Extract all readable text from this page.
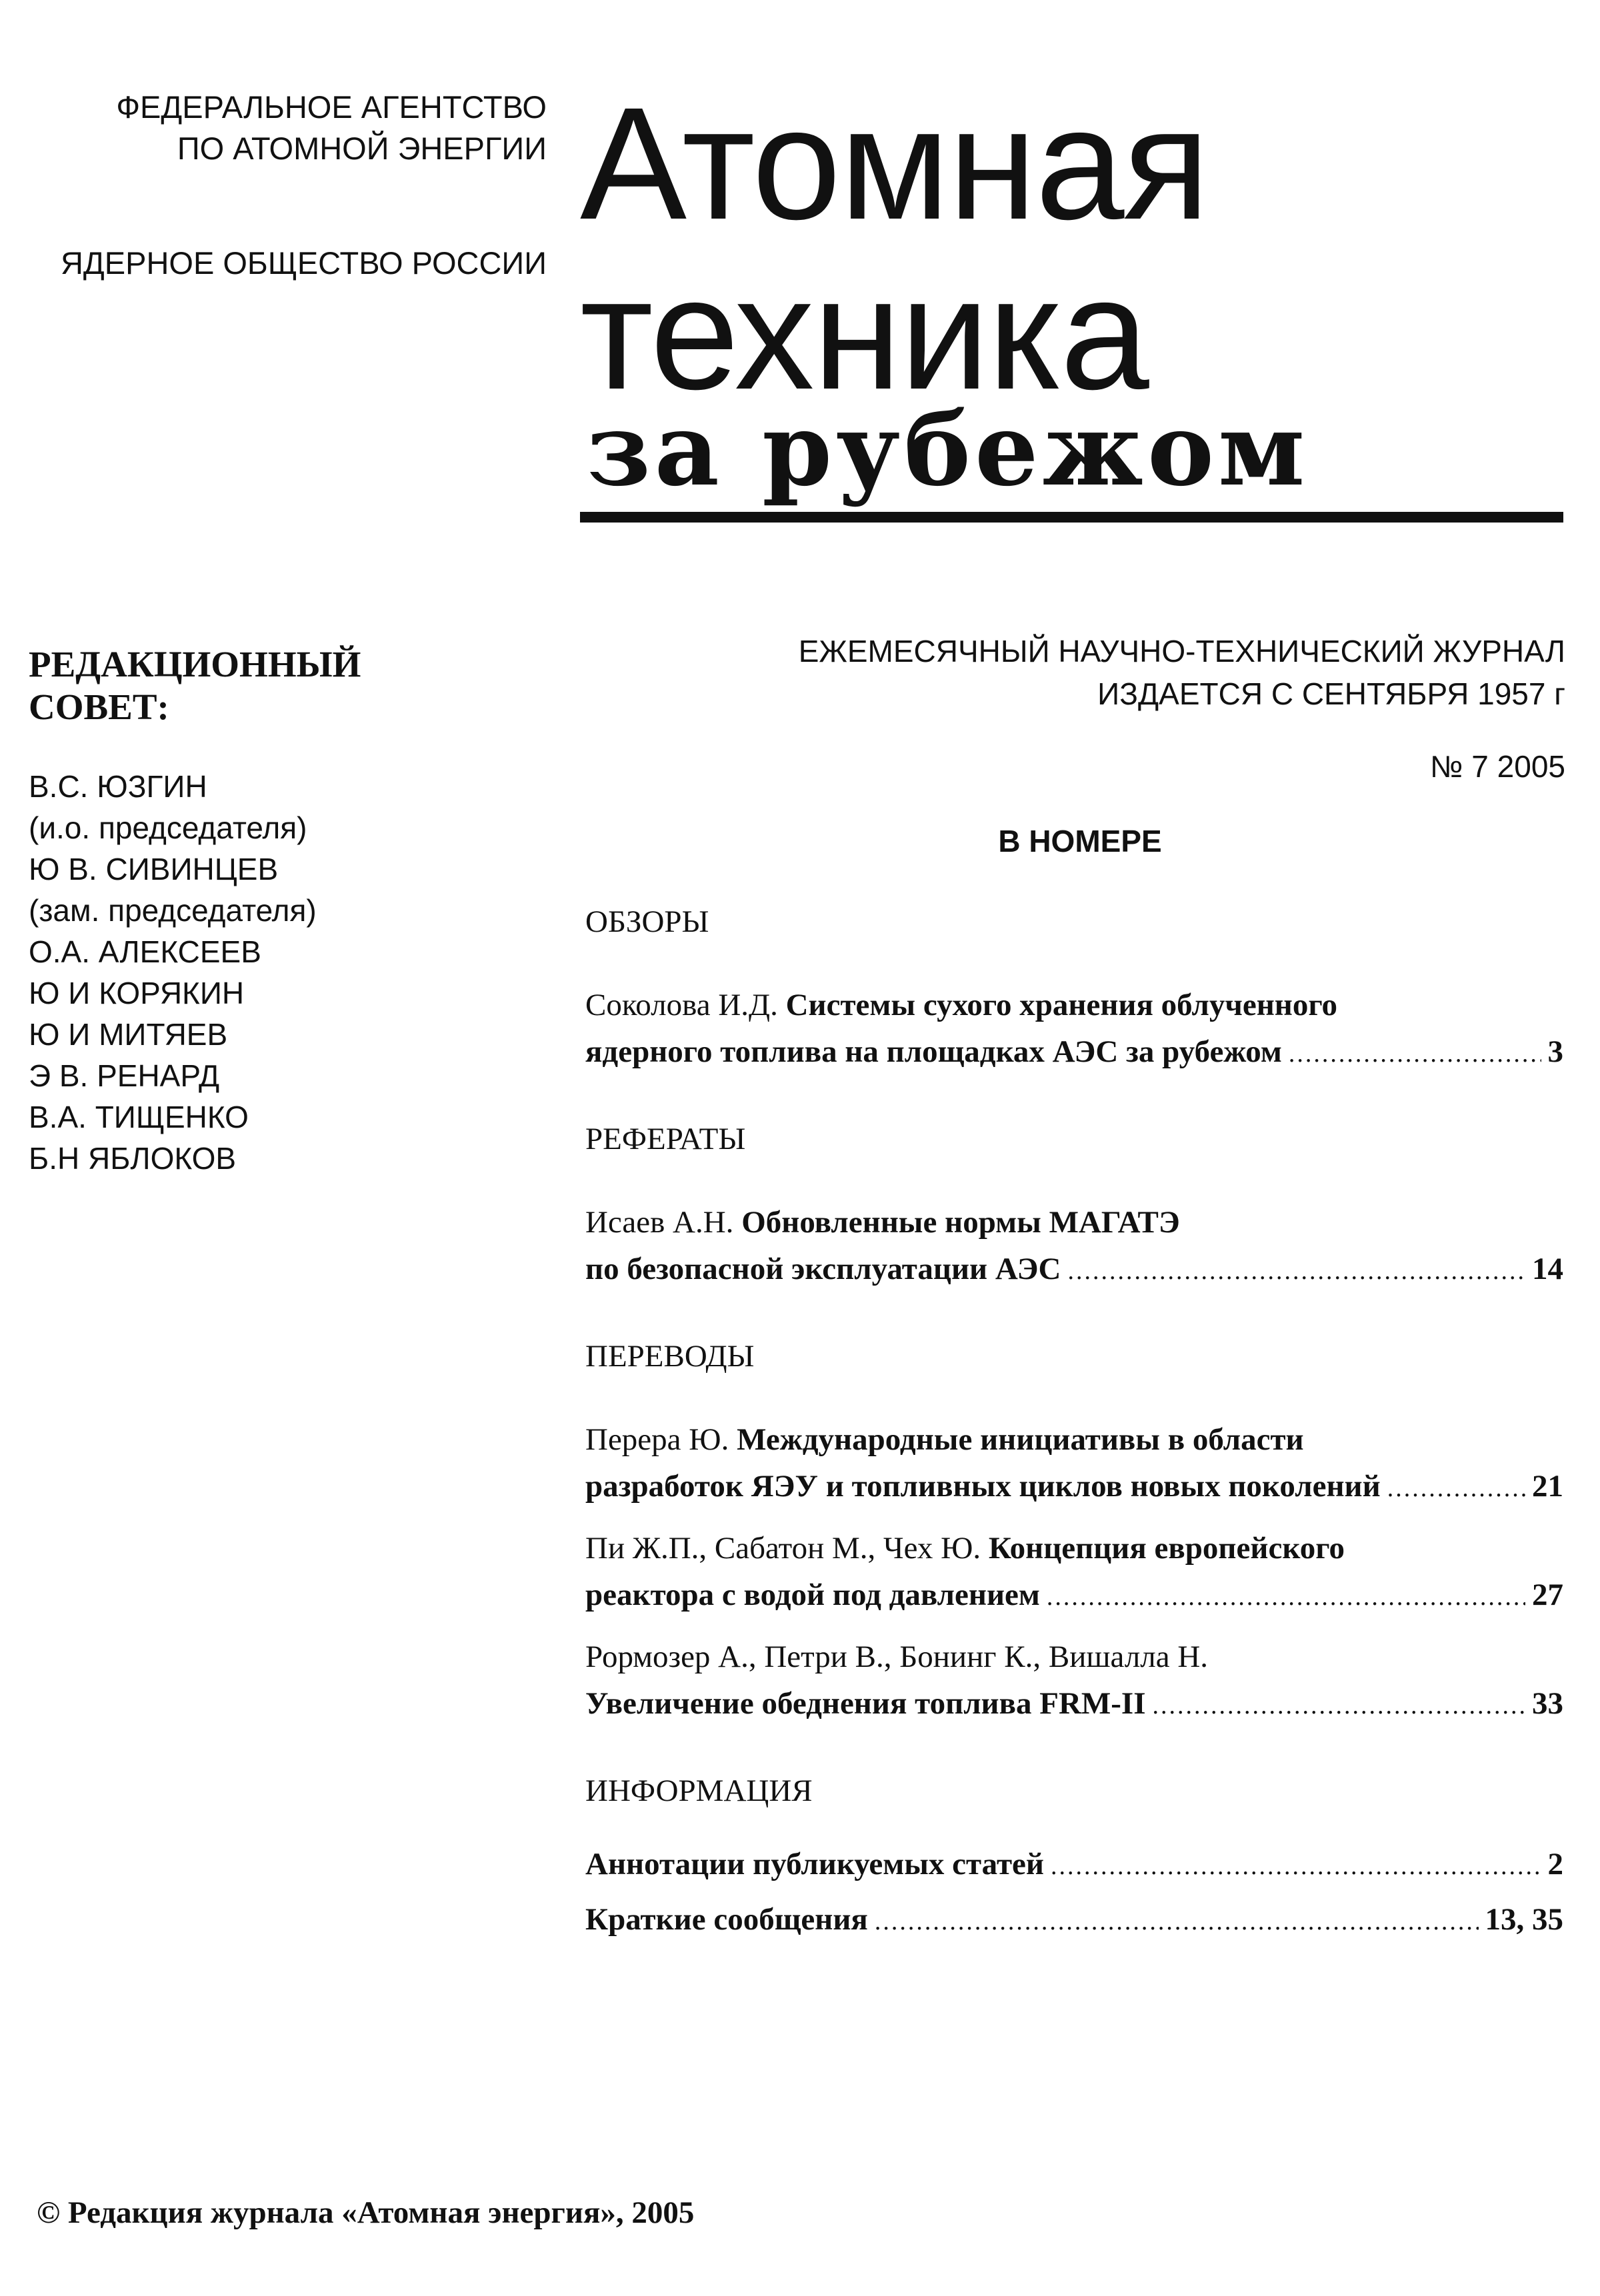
ФЕДЕРАЛЬНОЕ АГЕНТСТВО
ПО АТОМНОЙ ЭНЕРГИИ
ЯДЕРНОЕ ОБЩЕСТВО РОССИИ
Атомная
техника
за рубежом
РЕДАКЦИОННЫЙ
СОВЕТ:
В.С. ЮЗГИН
(и.о. председателя)
Ю В. СИВИНЦЕВ
(зам. председателя)
О.А. АЛЕКСЕЕВ
Ю И КОРЯКИН
Ю И МИТЯЕВ
Э В. РЕНАРД
В.А. ТИЩЕНКО
Б.Н ЯБЛОКОВ
ЕЖЕМЕСЯЧНЫЙ НАУЧНО-ТЕХНИЧЕСКИЙ ЖУРНАЛ
ИЗДАЕТСЯ С СЕНТЯБРЯ 1957 г
№ 7 2005
В НОМЕРЕ
ОБЗОРЫ
Соколова И.Д. Системы сухого хранения облученного
ядерного топлива на площадках АЭС за рубежом .....	3
РЕФЕРАТЫ
Исаев А.Н. Обновленные нормы МАГАТЭ
по безопасной эксплуатации АЭС .....	14
ПЕРЕВОДЫ
Перера Ю. Международные инициативы в области
разработок ЯЭУ и топливных циклов новых поколений .....	21
Пи Ж.П., Сабатон М., Чех Ю. Концепция европейского
реактора с водой под давлением .....	27
Рормозер А., Петри В., Бонинг К., Вишалла Н.
Увеличение обеднения топлива FRM-II .....	33
ИНФОРМАЦИЯ
Аннотации публикуемых статей .....	2
Краткие сообщения .....	13, 35
© Редакция журнала «Атомная энергия», 2005
